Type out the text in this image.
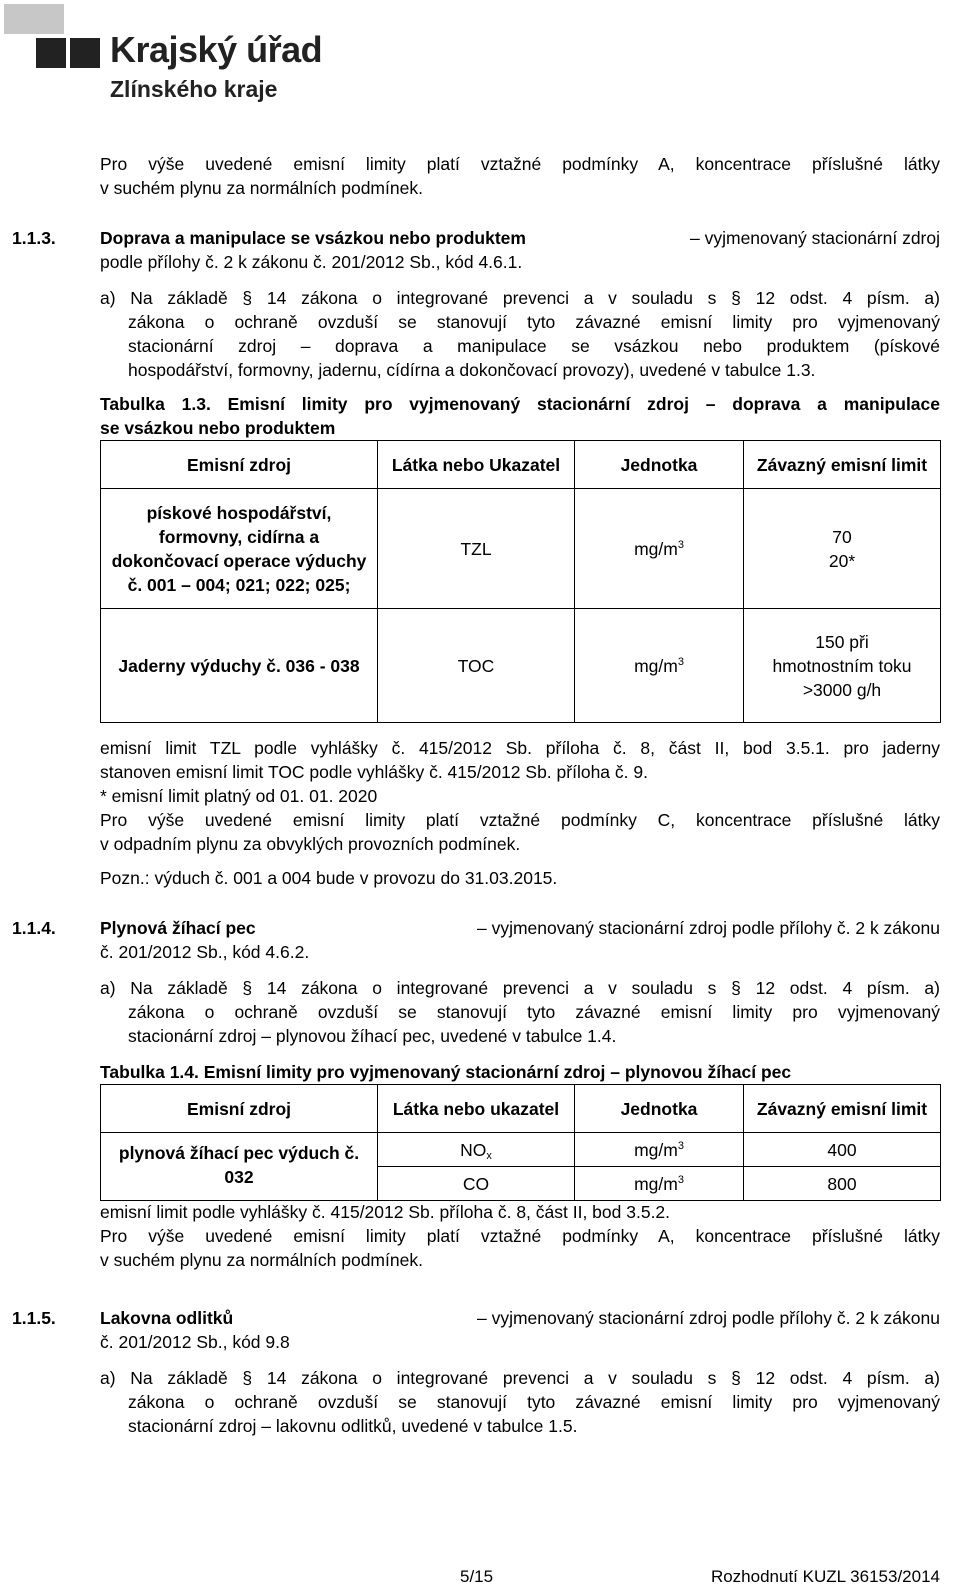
Krajský úřad
Zlínského kraje
Pro výše uvedené emisní limity platí vztažné podmínky A, koncentrace příslušné látky
v suchém plynu za normálních podmínek.
1.1.3.	Doprava a manipulace se vsázkou nebo produktem	– vyjmenovaný stacionární zdroj
podle přílohy č. 2 k zákonu č. 201/2012 Sb., kód 4.6.1.
a) Na základě § 14 zákona o integrované prevenci a v souladu s § 12 odst. 4 písm. a)
zákona o ochraně ovzduší se stanovují tyto závazné emisní limity pro vyjmenovaný
stacionární zdroj – doprava a manipulace se vsázkou nebo produktem (pískové
hospodářství, formovny, jadernu, cídírna a dokončovací provozy), uvedené v tabulce 1.3.
Tabulka 1.3. Emisní limity pro vyjmenovaný stacionární zdroj – doprava a manipulace
se vsázkou nebo produktem
Emisní zdroj	Látka nebo Ukazatel	Jednotka	Závazný emisní limit
pískové hospodářství, formovny, cidírna a dokončovací operace výduchy č. 001 – 004; 021; 022; 025;	TZL	$mg/m^3$	70
20*

Jaderny výduchy č. 036 - 038	TOC	$mg/m^3$	150 při
hmotnostním toku
>3000 g/h
emisní limit TZL podle vyhlášky č. 415/2012 Sb. příloha č. 8, část II, bod 3.5.1. pro jaderny
stanoven emisní limit TOC podle vyhlášky č. 415/2012 Sb. příloha č. 9.
* emisní limit platný od 01. 01. 2020
Pro výše uvedené emisní limity platí vztažné podmínky C, koncentrace příslušné látky
v odpadním plynu za obvyklých provozních podmínek.
Pozn.: výduch č. 001 a 004 bude v provozu do 31.03.2015.
1.1.4.	Plynová žíhací pec	– vyjmenovaný stacionární zdroj podle přílohy č. 2 k zákonu
č. 201/2012 Sb., kód 4.6.2.
a) Na základě § 14 zákona o integrované prevenci a v souladu s § 12 odst. 4 písm. a)
zákona o ochraně ovzduší se stanovují tyto závazné emisní limity pro vyjmenovaný
stacionární zdroj – plynovou žíhací pec, uvedené v tabulce 1.4.
Tabulka 1.4. Emisní limity pro vyjmenovaný stacionární zdroj – plynovou žíhací pec
Emisní zdroj	Látka nebo ukazatel	Jednotka	Závazný emisní limit
plynová žíhací pec výduch č. 032	$NO_x$	$mg/m^3$	400
	CO	$mg/m^3$	800
emisní limit podle vyhlášky č. 415/2012 Sb. příloha č. 8, část II, bod 3.5.2.
Pro výše uvedené emisní limity platí vztažné podmínky A, koncentrace příslušné látky
v suchém plynu za normálních podmínek.
1.1.5.	Lakovna odlitků	– vyjmenovaný stacionární zdroj podle přílohy č. 2 k zákonu
č. 201/2012 Sb., kód 9.8
a) Na základě § 14 zákona o integrované prevenci a v souladu s § 12 odst. 4 písm. a)
zákona o ochraně ovzduší se stanovují tyto závazné emisní limity pro vyjmenovaný
stacionární zdroj – lakovnu odlitků, uvedené v tabulce 1.5.
5/15	Rozhodnutí KUZL 36153/2014
